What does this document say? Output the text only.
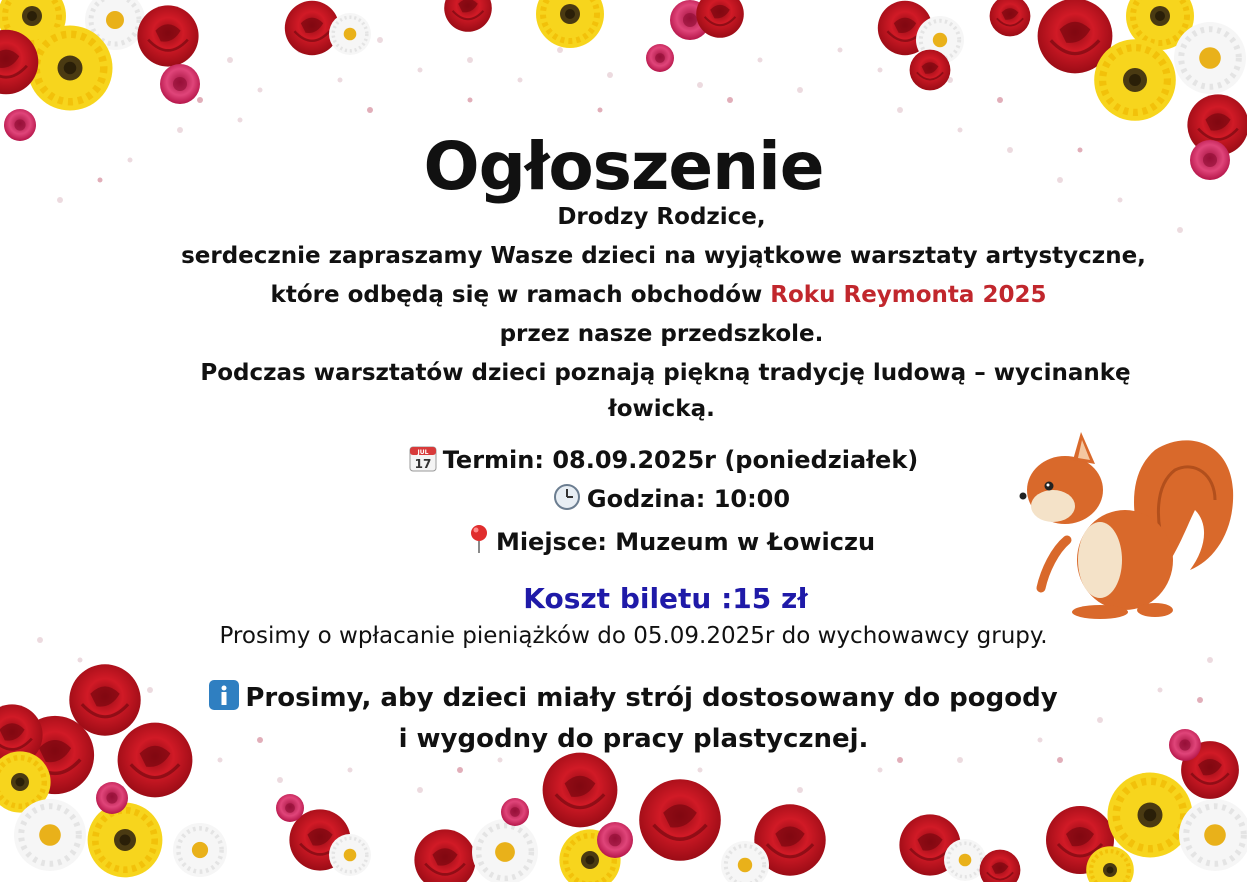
Ogłoszenie
Drodzy Rodzice,
serdecznie zapraszamy Wasze dzieci na wyjątkowe warsztaty artystyczne,
które odbędą się w ramach obchodów Roku Reymonta 2025
przez nasze przedszkole.
Podczas warsztatów dzieci poznają piękną tradycję ludową – wycinankę
łowicką.
JUL
17 Termin: 08.09.2025r (poniedziałek)
Godzina: 10:00
Miejsce: Muzeum w Łowiczu
Koszt biletu :15 zł
Prosimy o wpłacanie pieniążków do 05.09.2025r do wychowawcy grupy.
Prosimy, aby dzieci miały strój dostosowany do pogody
i wygodny do pracy plastycznej.
